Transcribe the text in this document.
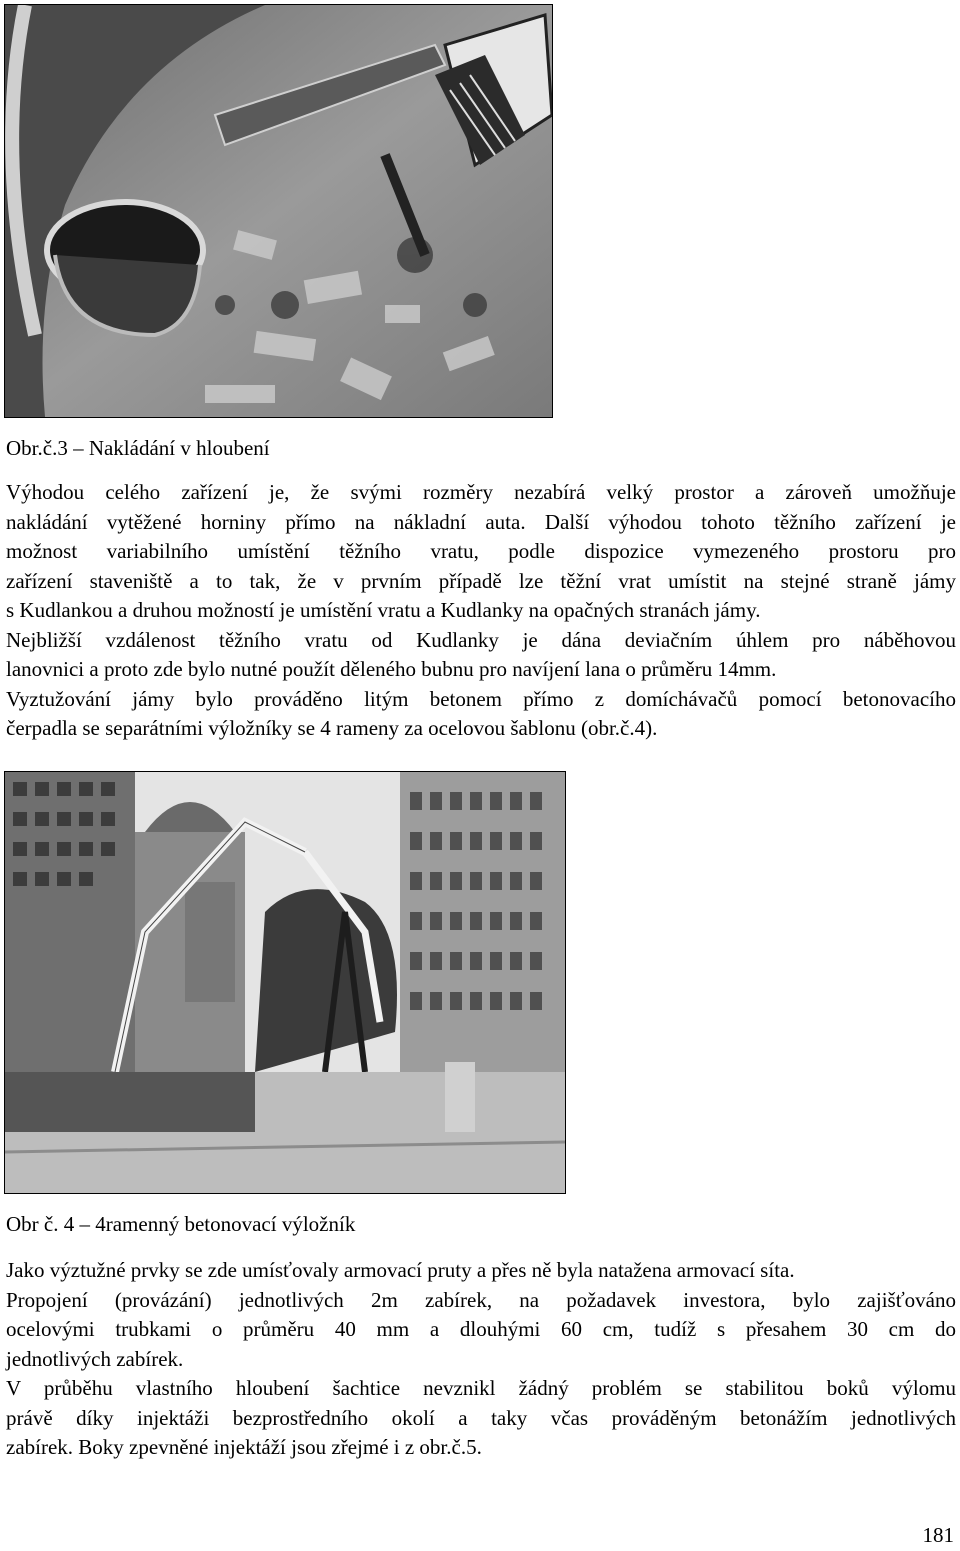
Obr.č.3 – Nakládání v hloubení
Výhodou celého zařízení je, že svými rozměry nezabírá velký prostor a zároveň umožňuje
nakládání vytěžené horniny přímo na nákladní auta. Další výhodou tohoto těžního zařízení je
možnost variabilního umístění těžního vratu, podle dispozice vymezeného prostoru pro
zařízení staveniště a to tak, že v prvním případě lze těžní vrat umístit na stejné straně jámy
s Kudlankou a druhou možností je umístění vratu a Kudlanky na opačných stranách jámy.
Nejbližší vzdálenost těžního vratu od Kudlanky je dána deviačním úhlem pro náběhovou
lanovnici a proto zde bylo nutné použít děleného bubnu pro navíjení lana o průměru 14mm.
Vyztužování jámy bylo prováděno litým betonem přímo z domíchávačů pomocí betonovacího
čerpadla se separátními výložníky se 4 rameny za ocelovou šablonu (obr.č.4).
Obr č. 4 – 4ramenný betonovací výložník
Jako výztužné prvky se zde umísťovaly armovací pruty a přes ně byla natažena armovací síta.
Propojení (provázání) jednotlivých 2m zabírek, na požadavek investora, bylo zajišťováno
ocelovými trubkami o průměru 40 mm a dlouhými 60 cm, tudíž s přesahem 30 cm do
jednotlivých zabírek.
V průběhu vlastního hloubení šachtice nevznikl žádný problém se stabilitou boků výlomu
právě díky injektáži bezprostředního okolí a taky včas prováděným betonážím jednotlivých
zabírek. Boky zpevněné injektáží jsou zřejmé i z obr.č.5.
181
